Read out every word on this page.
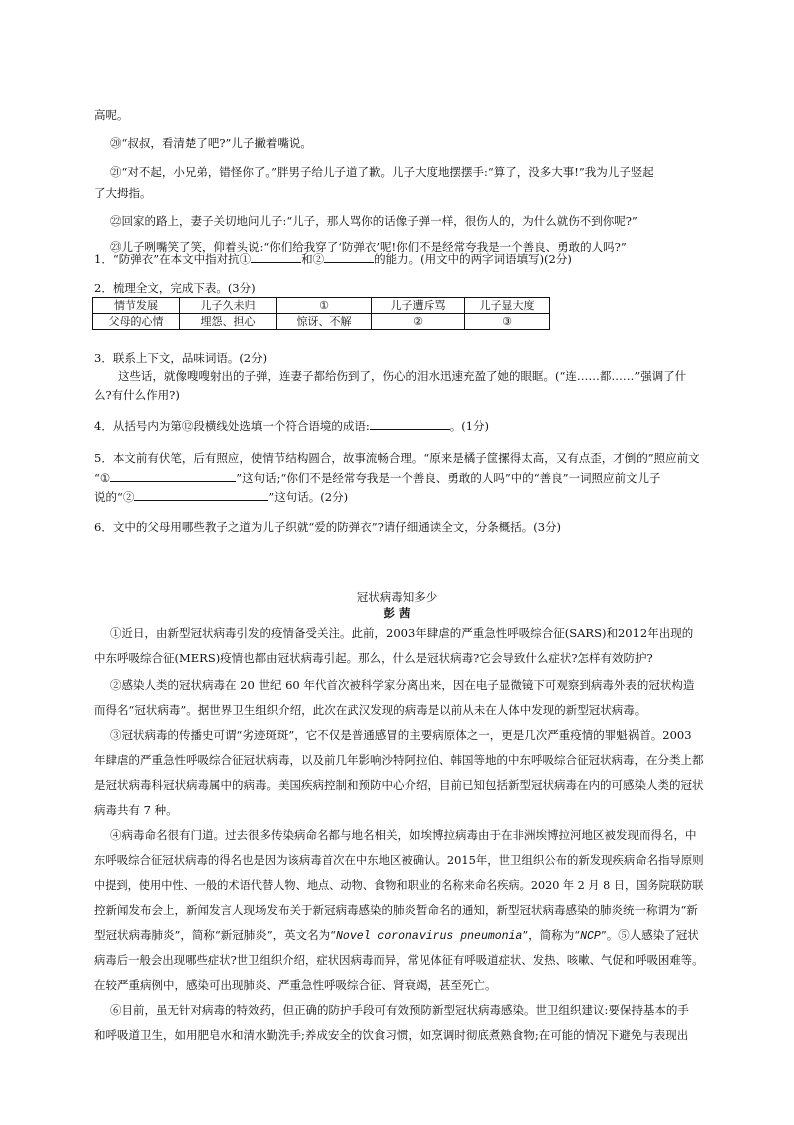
高呢。
⑳“叔叔，看清楚了吧?”儿子撇着嘴说。
㉑“对不起，小兄弟，错怪你了。”胖男子给儿子道了歉。儿子大度地摆摆手:“算了，没多大事!”我为儿子竖起
了大拇指。
㉒回家的路上，妻子关切地问儿子:“儿子，那人骂你的话像子弹一样，很伤人的，为什么就伤不到你呢?”
㉓儿子咧嘴笑了笑，仰着头说:“你们给我穿了‘防弹衣’呢!你们不是经常夸我是一个善良、勇敢的人吗?”
1．“防弹衣”在本文中指对抗①	和②	的能力。(用文中的两字词语填写)(2分)
2．梳理全文，完成下表。(3分)
情节发展	儿子久未归	①	儿子遭斥骂	儿子显大度
父母的心情	埋怨、担心	惊讶、不解	②	③
3．联系上下文，品味词语。(2分)
这些话，就像嗖嗖射出的子弹，连妻子都给伤到了，伤心的泪水迅速充盈了她的眼眶。(“连……都……”强调了什
么?有什么作用?)
4．从括号内为第⑫段横线处选填一个符合语境的成语:	。(1分)
5．本文前有伏笔，后有照应，使情节结构圆合，故事流畅合理。“原来是橘子筐摞得太高，又有点歪，才倒的”照应前文
“①	”这句话;“你们不是经常夸我是一个善良、勇敢的人吗”中的“善良”一词照应前文儿子
说的“②	”这句话。(2分)
6．文中的父母用哪些教子之道为儿子织就“爱的防弹衣”?请仔细通读全文，分条概括。(3分)
冠状病毒知多少
彭 茜
①近日，由新型冠状病毒引发的疫情备受关注。此前，2003年肆虐的严重急性呼吸综合征(SARS)和2012年出现的
中东呼吸综合征(MERS)疫情也都由冠状病毒引起。那么，什么是冠状病毒?它会导致什么症状?怎样有效防护?
②感染人类的冠状病毒在 20 世纪 60 年代首次被科学家分离出来，因在电子显微镜下可观察到病毒外表的冠状构造
而得名“冠状病毒”。据世界卫生组织介绍，此次在武汉发现的病毒是以前从未在人体中发现的新型冠状病毒。
③冠状病毒的传播史可谓“劣迹斑斑”，它不仅是普通感冒的主要病原体之一，更是几次严重疫情的罪魁祸首。2003
年肆虐的严重急性呼吸综合征冠状病毒，以及前几年影响沙特阿拉伯、韩国等地的中东呼吸综合征冠状病毒，在分类上都
是冠状病毒科冠状病毒属中的病毒。美国疾病控制和预防中心介绍，目前已知包括新型冠状病毒在内的可感染人类的冠状
病毒共有 7 种。
④病毒命名很有门道。过去很多传染病命名都与地名相关，如埃博拉病毒由于在非洲埃博拉河地区被发现而得名，中
东呼吸综合征冠状病毒的得名也是因为该病毒首次在中东地区被确认。2015年，世卫组织公布的新发现疾病命名指导原则
中提到，使用中性、一般的术语代替人物、地点、动物、食物和职业的名称来命名疾病。2020 年 2 月 8 日，国务院联防联
控新闻发布会上，新闻发言人现场发布关于新冠病毒感染的肺炎暂命名的通知，新型冠状病毒感染的肺炎统一称谓为“新
型冠状病毒肺炎”，简称“新冠肺炎”，英文名为“Novel coronavirus pneumonia”，简称为“NCP”。⑤人感染了冠状
病毒后一般会出现哪些症状?世卫组织介绍，症状因病毒而异，常见体征有呼吸道症状、发热、咳嗽、气促和呼吸困难等。
在较严重病例中，感染可出现肺炎、严重急性呼吸综合征、肾衰竭，甚至死亡。
⑥目前，虽无针对病毒的特效药，但正确的防护手段可有效预防新型冠状病毒感染。世卫组织建议:要保持基本的手
和呼吸道卫生，如用肥皂水和清水勤洗手;养成安全的饮食习惯，如烹调时彻底煮熟食物;在可能的情况下避免与表现出
